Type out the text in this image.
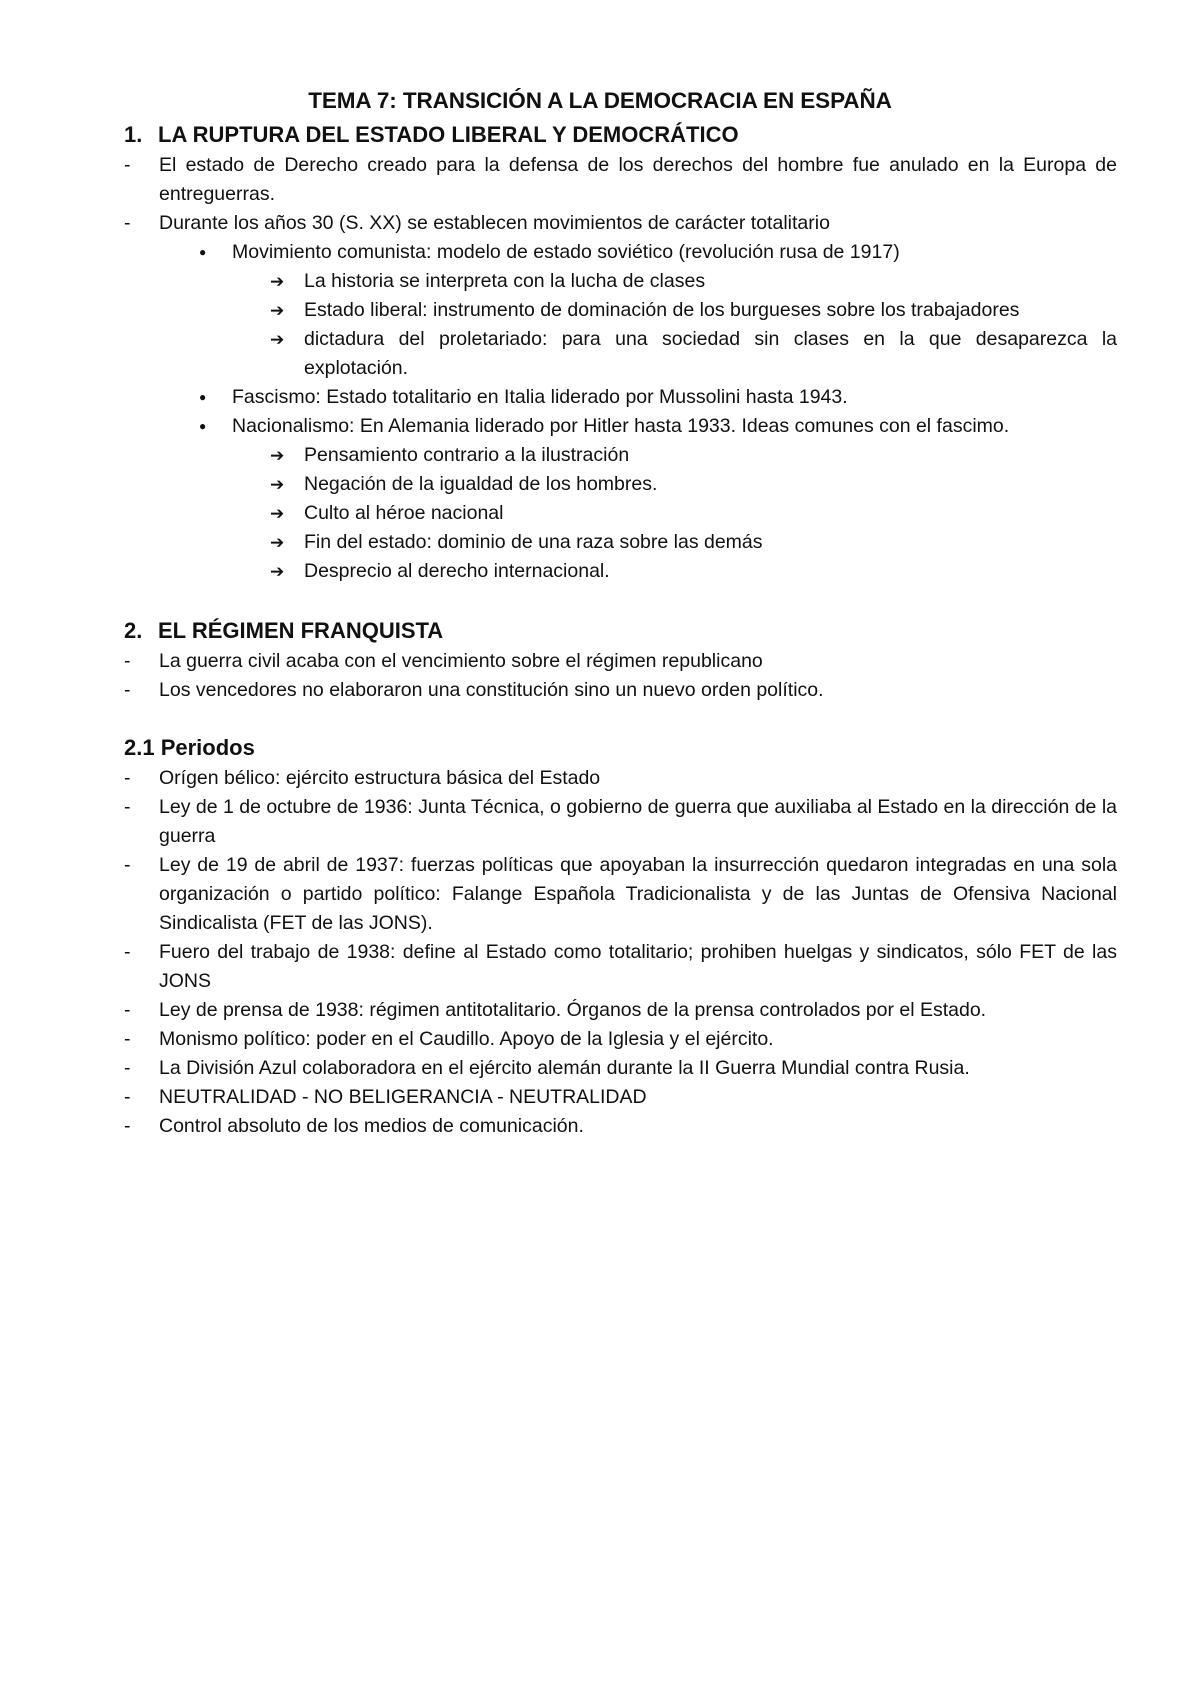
TEMA 7: TRANSICIÓN A LA DEMOCRACIA EN ESPAÑA
1. LA RUPTURA DEL ESTADO LIBERAL Y DEMOCRÁTICO
- El estado de Derecho creado para la defensa de los derechos del hombre fue anulado en la Europa de entreguerras.
- Durante los años 30 (S. XX) se establecen movimientos de carácter totalitario
● Movimiento comunista: modelo de estado soviético (revolución rusa de 1917)
➔ La historia se interpreta con la lucha de clases
➔ Estado liberal: instrumento de dominación de los burgueses sobre los trabajadores
➔ dictadura del proletariado: para una sociedad sin clases en la que desaparezca la explotación.
● Fascismo: Estado totalitario en Italia liderado por Mussolini hasta 1943.
● Nacionalismo: En Alemania liderado por Hitler hasta 1933. Ideas comunes con el fascimo.
➔ Pensamiento contrario a la ilustración
➔ Negación de la igualdad de los hombres.
➔ Culto al héroe nacional
➔ Fin del estado: dominio de una raza sobre las demás
➔ Desprecio al derecho internacional.
2. EL RÉGIMEN FRANQUISTA
- La guerra civil acaba con el vencimiento sobre el régimen republicano
- Los vencedores no elaboraron una constitución sino un nuevo orden político.
2.1 Periodos
- Orígen bélico: ejército estructura básica del Estado
- Ley de 1 de octubre de 1936: Junta Técnica, o gobierno de guerra que auxiliaba al Estado en la dirección de la guerra
- Ley de 19 de abril de 1937: fuerzas políticas que apoyaban la insurrección quedaron integradas en una sola organización o partido político: Falange Española Tradicionalista y de las Juntas de Ofensiva Nacional Sindicalista (FET de las JONS).
- Fuero del trabajo de 1938: define al Estado como totalitario; prohiben huelgas y sindicatos, sólo FET de las JONS
- Ley de prensa de 1938: régimen antitotalitario. Órganos de la prensa controlados por el Estado.
- Monismo político: poder en el Caudillo. Apoyo de la Iglesia y el ejército.
- La División Azul colaboradora en el ejército alemán durante la II Guerra Mundial contra Rusia.
- NEUTRALIDAD - NO BELIGERANCIA - NEUTRALIDAD
- Control absoluto de los medios de comunicación.
